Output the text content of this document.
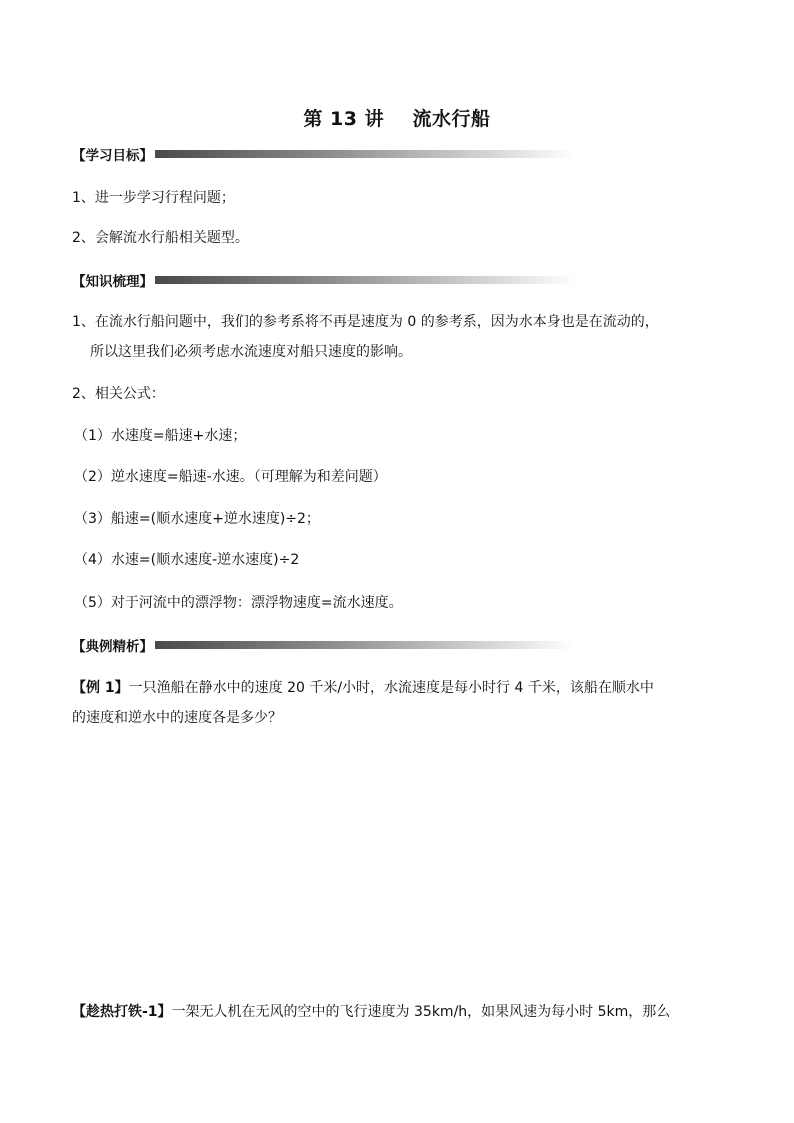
第 13 讲    流水行船
【学习目标】
1、进一步学习行程问题；
2、会解流水行船相关题型。
【知识梳理】
1、在流水行船问题中，我们的参考系将不再是速度为 0 的参考系，因为水本身也是在流动的，
所以这里我们必须考虑水流速度对船只速度的影响。
2、相关公式：
（1）水速度=船速+水速；
（2）逆水速度=船速-水速。（可理解为和差问题）
（3）船速=(顺水速度+逆水速度)÷2；
（4）水速=(顺水速度-逆水速度)÷2
（5）对于河流中的漂浮物：漂浮物速度=流水速度。
【典例精析】
【例 1】一只渔船在静水中的速度 20 千米/小时，水流速度是每小时行 4 千米，该船在顺水中
的速度和逆水中的速度各是多少？
【趁热打铁-1】一架无人机在无风的空中的飞行速度为 35km/h，如果风速为每小时 5km，那么
